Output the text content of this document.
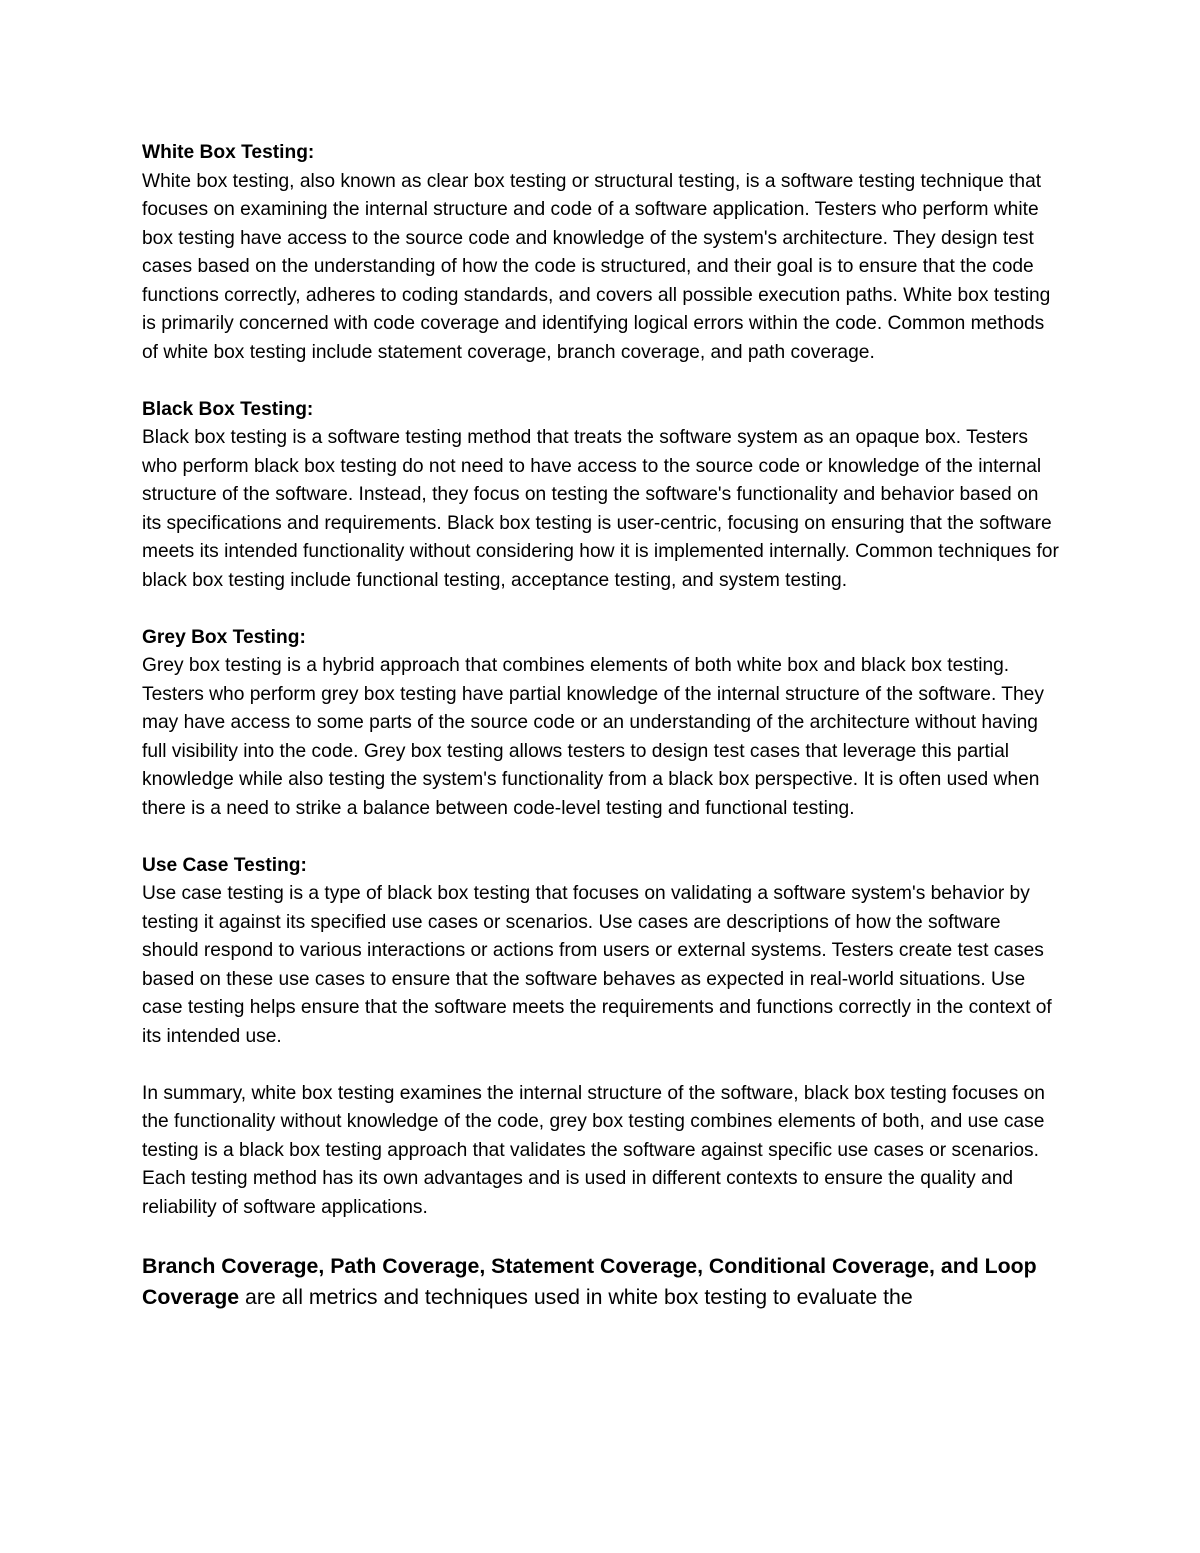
White Box Testing:
White box testing, also known as clear box testing or structural testing, is a software testing technique that focuses on examining the internal structure and code of a software application. Testers who perform white box testing have access to the source code and knowledge of the system's architecture. They design test cases based on the understanding of how the code is structured, and their goal is to ensure that the code functions correctly, adheres to coding standards, and covers all possible execution paths. White box testing is primarily concerned with code coverage and identifying logical errors within the code. Common methods of white box testing include statement coverage, branch coverage, and path coverage.
Black Box Testing:
Black box testing is a software testing method that treats the software system as an opaque box. Testers who perform black box testing do not need to have access to the source code or knowledge of the internal structure of the software. Instead, they focus on testing the software's functionality and behavior based on its specifications and requirements. Black box testing is user-centric, focusing on ensuring that the software meets its intended functionality without considering how it is implemented internally. Common techniques for black box testing include functional testing, acceptance testing, and system testing.
Grey Box Testing:
Grey box testing is a hybrid approach that combines elements of both white box and black box testing. Testers who perform grey box testing have partial knowledge of the internal structure of the software. They may have access to some parts of the source code or an understanding of the architecture without having full visibility into the code. Grey box testing allows testers to design test cases that leverage this partial knowledge while also testing the system's functionality from a black box perspective. It is often used when there is a need to strike a balance between code-level testing and functional testing.
Use Case Testing:
Use case testing is a type of black box testing that focuses on validating a software system's behavior by testing it against its specified use cases or scenarios. Use cases are descriptions of how the software should respond to various interactions or actions from users or external systems. Testers create test cases based on these use cases to ensure that the software behaves as expected in real-world situations. Use case testing helps ensure that the software meets the requirements and functions correctly in the context of its intended use.
In summary, white box testing examines the internal structure of the software, black box testing focuses on the functionality without knowledge of the code, grey box testing combines elements of both, and use case testing is a black box testing approach that validates the software against specific use cases or scenarios. Each testing method has its own advantages and is used in different contexts to ensure the quality and reliability of software applications.
Branch Coverage, Path Coverage, Statement Coverage, Conditional Coverage, and Loop Coverage are all metrics and techniques used in white box testing to evaluate the
